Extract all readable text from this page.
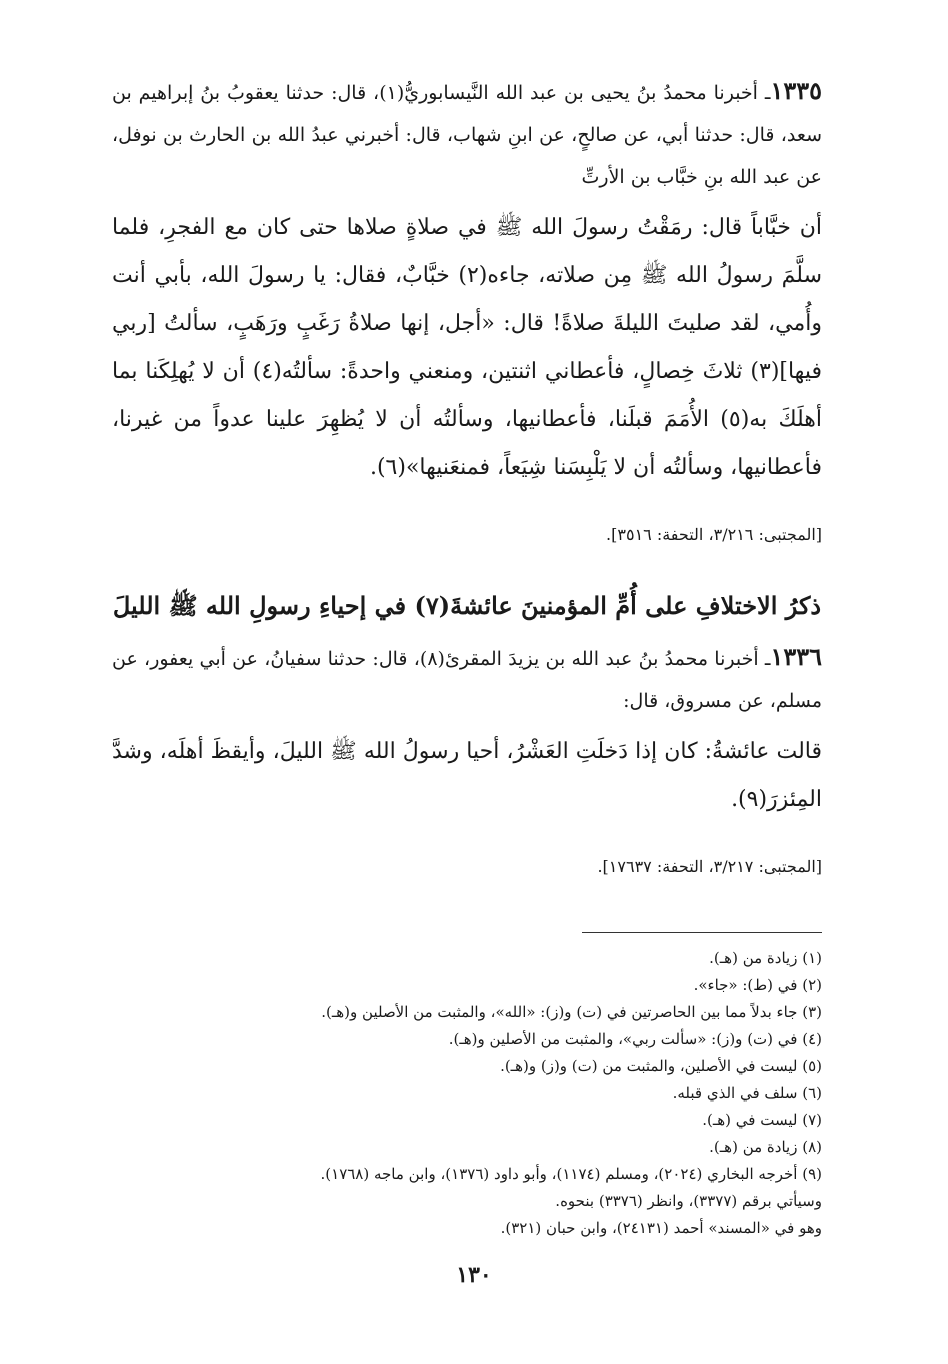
١٣٣٥ـ أخبرنا محمدُ بنُ يحيى بن عبد الله النَّيسابوريُّ(١)، قال: حدثنا يعقوبُ بنُ إبراهيم بن سعد، قال: حدثنا أبي، عن صالحٍ، عن ابنِ شهاب، قال: أخبرني عبدُ الله بن الحارث بن نوفل، عن عبد الله بنِ خبَّاب بن الأرتِّ

أن خبَّاباً قال: رمَقْتُ رسولَ الله ﷺ في صلاةٍ صلاها حتى كان مع الفجرِ، فلما سلَّمَ رسولُ الله ﷺ مِن صلاته، جاءه(٢) خبَّابٌ، فقال: يا رسولَ الله، بأبي أنت وأُمي، لقد صليتَ الليلةَ صلاةً! قال: «أجل، إنها صلاةُ رَغَبٍ ورَهَبٍ، سألتُ [ربي فيها](٣) ثلاثَ خِصالٍ، فأعطاني اثنتين، ومنعني واحدةً: سألتُه(٤) أن لا يُهلِكَنا بما أهلَكَ به(٥) الأُمَمَ قبلَنا، فأعطانيها، وسألتُه أن لا يُظهِرَ علينا عدواً من غيرنا، فأعطانيها، وسألتُه أن لا يَلْبِسَنا شِيَعاً، فمنعَنيها»(٦).

[المجتبى: ٣/٢١٦، التحفة: ٣٥١٦].

ذكرُ الاختلافِ على أُمِّ المؤمنينَ عائشةَ(٧) في إحياءِ رسولِ الله ﷺ الليلَ

١٣٣٦ـ أخبرنا محمدُ بنُ عبد الله بن يزيدَ المقرئ(٨)، قال: حدثنا سفيانُ، عن أبي يعفور، عن مسلم، عن مسروق، قال:

قالت عائشةُ: كان إذا دَخلَتِ العَشْرُ، أحيا رسولُ الله ﷺ الليلَ، وأيقظَ أهلَه، وشدَّ المِئزرَ(٩).

[المجتبى: ٣/٢١٧، التحفة: ١٧٦٣٧].

(١) زيادة من (هـ).

(٢) في (ط): «جاء».

(٣) جاء بدلاً مما بين الحاصرتين في (ت) و(ز): «الله»، والمثبت من الأصلين و(هـ).

(٤) في (ت) و(ز): «سألت ربي»، والمثبت من الأصلين و(هـ).

(٥) ليست في الأصلين، والمثبت من (ت) و(ز) و(هـ).

(٦) سلف في الذي قبله.

(٧) ليست في (هـ).

(٨) زيادة من (هـ).

(٩) أخرجه البخاري (٢٠٢٤)، ومسلم (١١٧٤)، وأبو داود (١٣٧٦)، وابن ماجه (١٧٦٨).

وسيأتي برقم (٣٣٧٧)، وانظر (٣٣٧٦) بنحوه.

وهو في «المسند» أحمد (٢٤١٣١)، وابن حبان (٣٢١).

١٣٠
